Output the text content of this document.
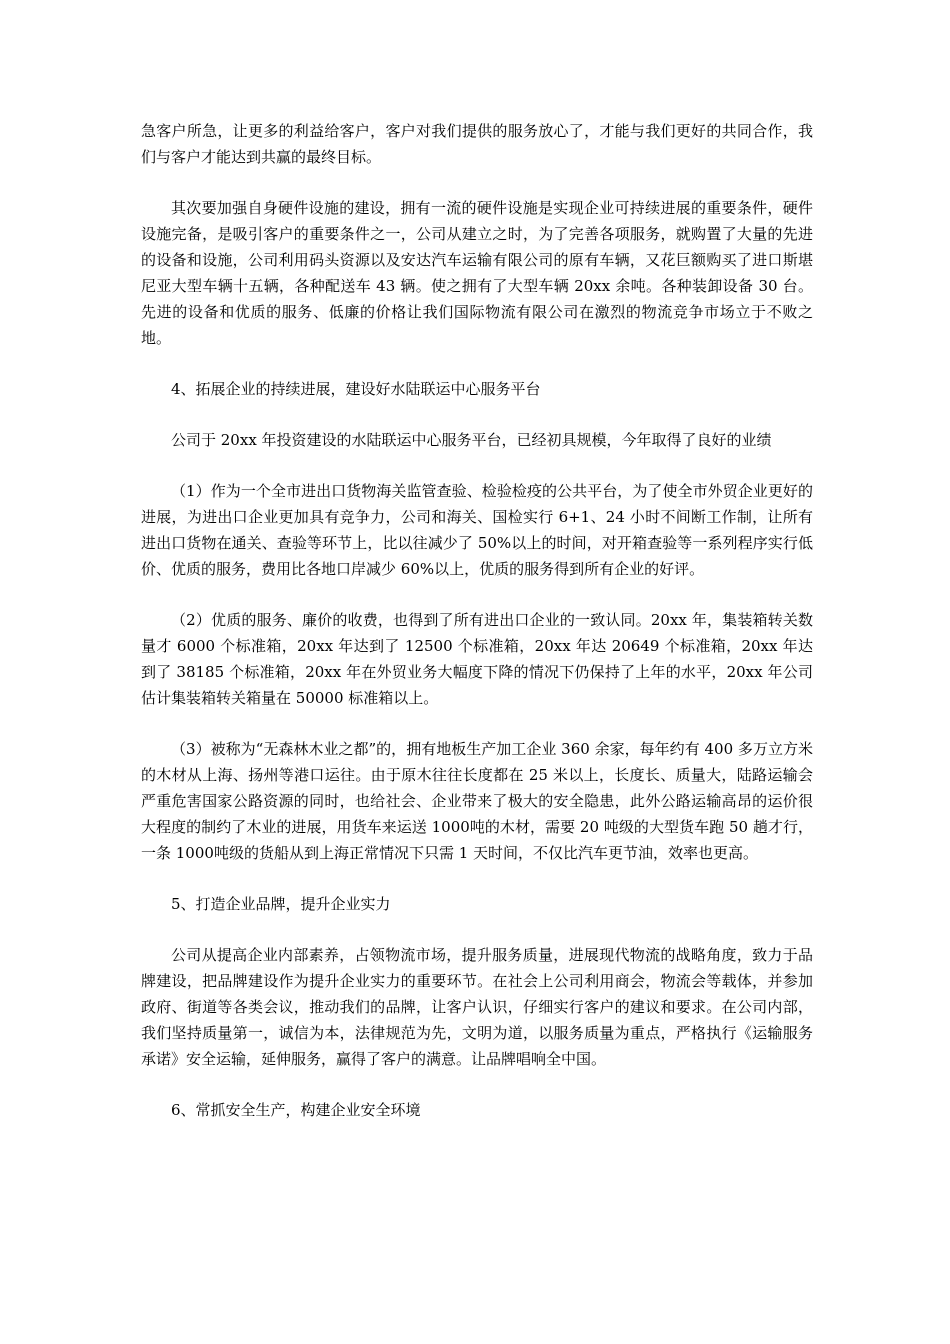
急客户所急，让更多的利益给客户，客户对我们提供的服务放心了，才能与我们更好的共同合作，我们与客户才能达到共赢的最终目标。

其次要加强自身硬件设施的建设，拥有一流的硬件设施是实现企业可持续进展的重要条件，硬件设施完备，是吸引客户的重要条件之一，公司从建立之时，为了完善各项服务，就购置了大量的先进的设备和设施，公司利用码头资源以及安达汽车运输有限公司的原有车辆，又花巨额购买了进口斯堪尼亚大型车辆十五辆，各种配送车 43 辆。使之拥有了大型车辆 20xx 余吨。各种装卸设备 30 台。先进的设备和优质的服务、低廉的价格让我们国际物流有限公司在激烈的物流竞争市场立于不败之地。

4、拓展企业的持续进展，建设好水陆联运中心服务平台

公司于 20xx 年投资建设的水陆联运中心服务平台，已经初具规模，今年取得了良好的业绩

（1）作为一个全市进出口货物海关监管查验、检验检疫的公共平台，为了使全市外贸企业更好的进展，为进出口企业更加具有竞争力，公司和海关、国检实行 6+1、24 小时不间断工作制，让所有进出口货物在通关、查验等环节上，比以往减少了 50%以上的时间，对开箱查验等一系列程序实行低价、优质的服务，费用比各地口岸减少 60%以上，优质的服务得到所有企业的好评。

（2）优质的服务、廉价的收费，也得到了所有进出口企业的一致认同。20xx 年，集装箱转关数量才 6000 个标准箱，20xx 年达到了 12500 个标准箱，20xx 年达 20649 个标准箱，20xx 年达到了 38185 个标准箱，20xx 年在外贸业务大幅度下降的情况下仍保持了上年的水平，20xx 年公司估计集装箱转关箱量在 50000 标准箱以上。

（3）被称为“无森林木业之都”的，拥有地板生产加工企业 360 余家，每年约有 400 多万立方米的木材从上海、扬州等港口运往。由于原木往往长度都在 25 米以上，长度长、质量大，陆路运输会严重危害国家公路资源的同时，也给社会、企业带来了极大的安全隐患，此外公路运输高昂的运价很大程度的制约了木业的进展，用货车来运送 1000吨的木材，需要 20 吨级的大型货车跑 50 趟才行，一条 1000吨级的货船从到上海正常情况下只需 1 天时间，不仅比汽车更节油，效率也更高。

5、打造企业品牌，提升企业实力

公司从提高企业内部素养，占领物流市场，提升服务质量，进展现代物流的战略角度，致力于品牌建设，把品牌建设作为提升企业实力的重要环节。在社会上公司利用商会，物流会等载体，并参加政府、街道等各类会议，推动我们的品牌，让客户认识，仔细实行客户的建议和要求。在公司内部，我们坚持质量第一，诚信为本，法律规范为先，文明为道，以服务质量为重点，严格执行《运输服务承诺》安全运输，延伸服务，赢得了客户的满意。让品牌唱响全中国。

6、常抓安全生产，构建企业安全环境
